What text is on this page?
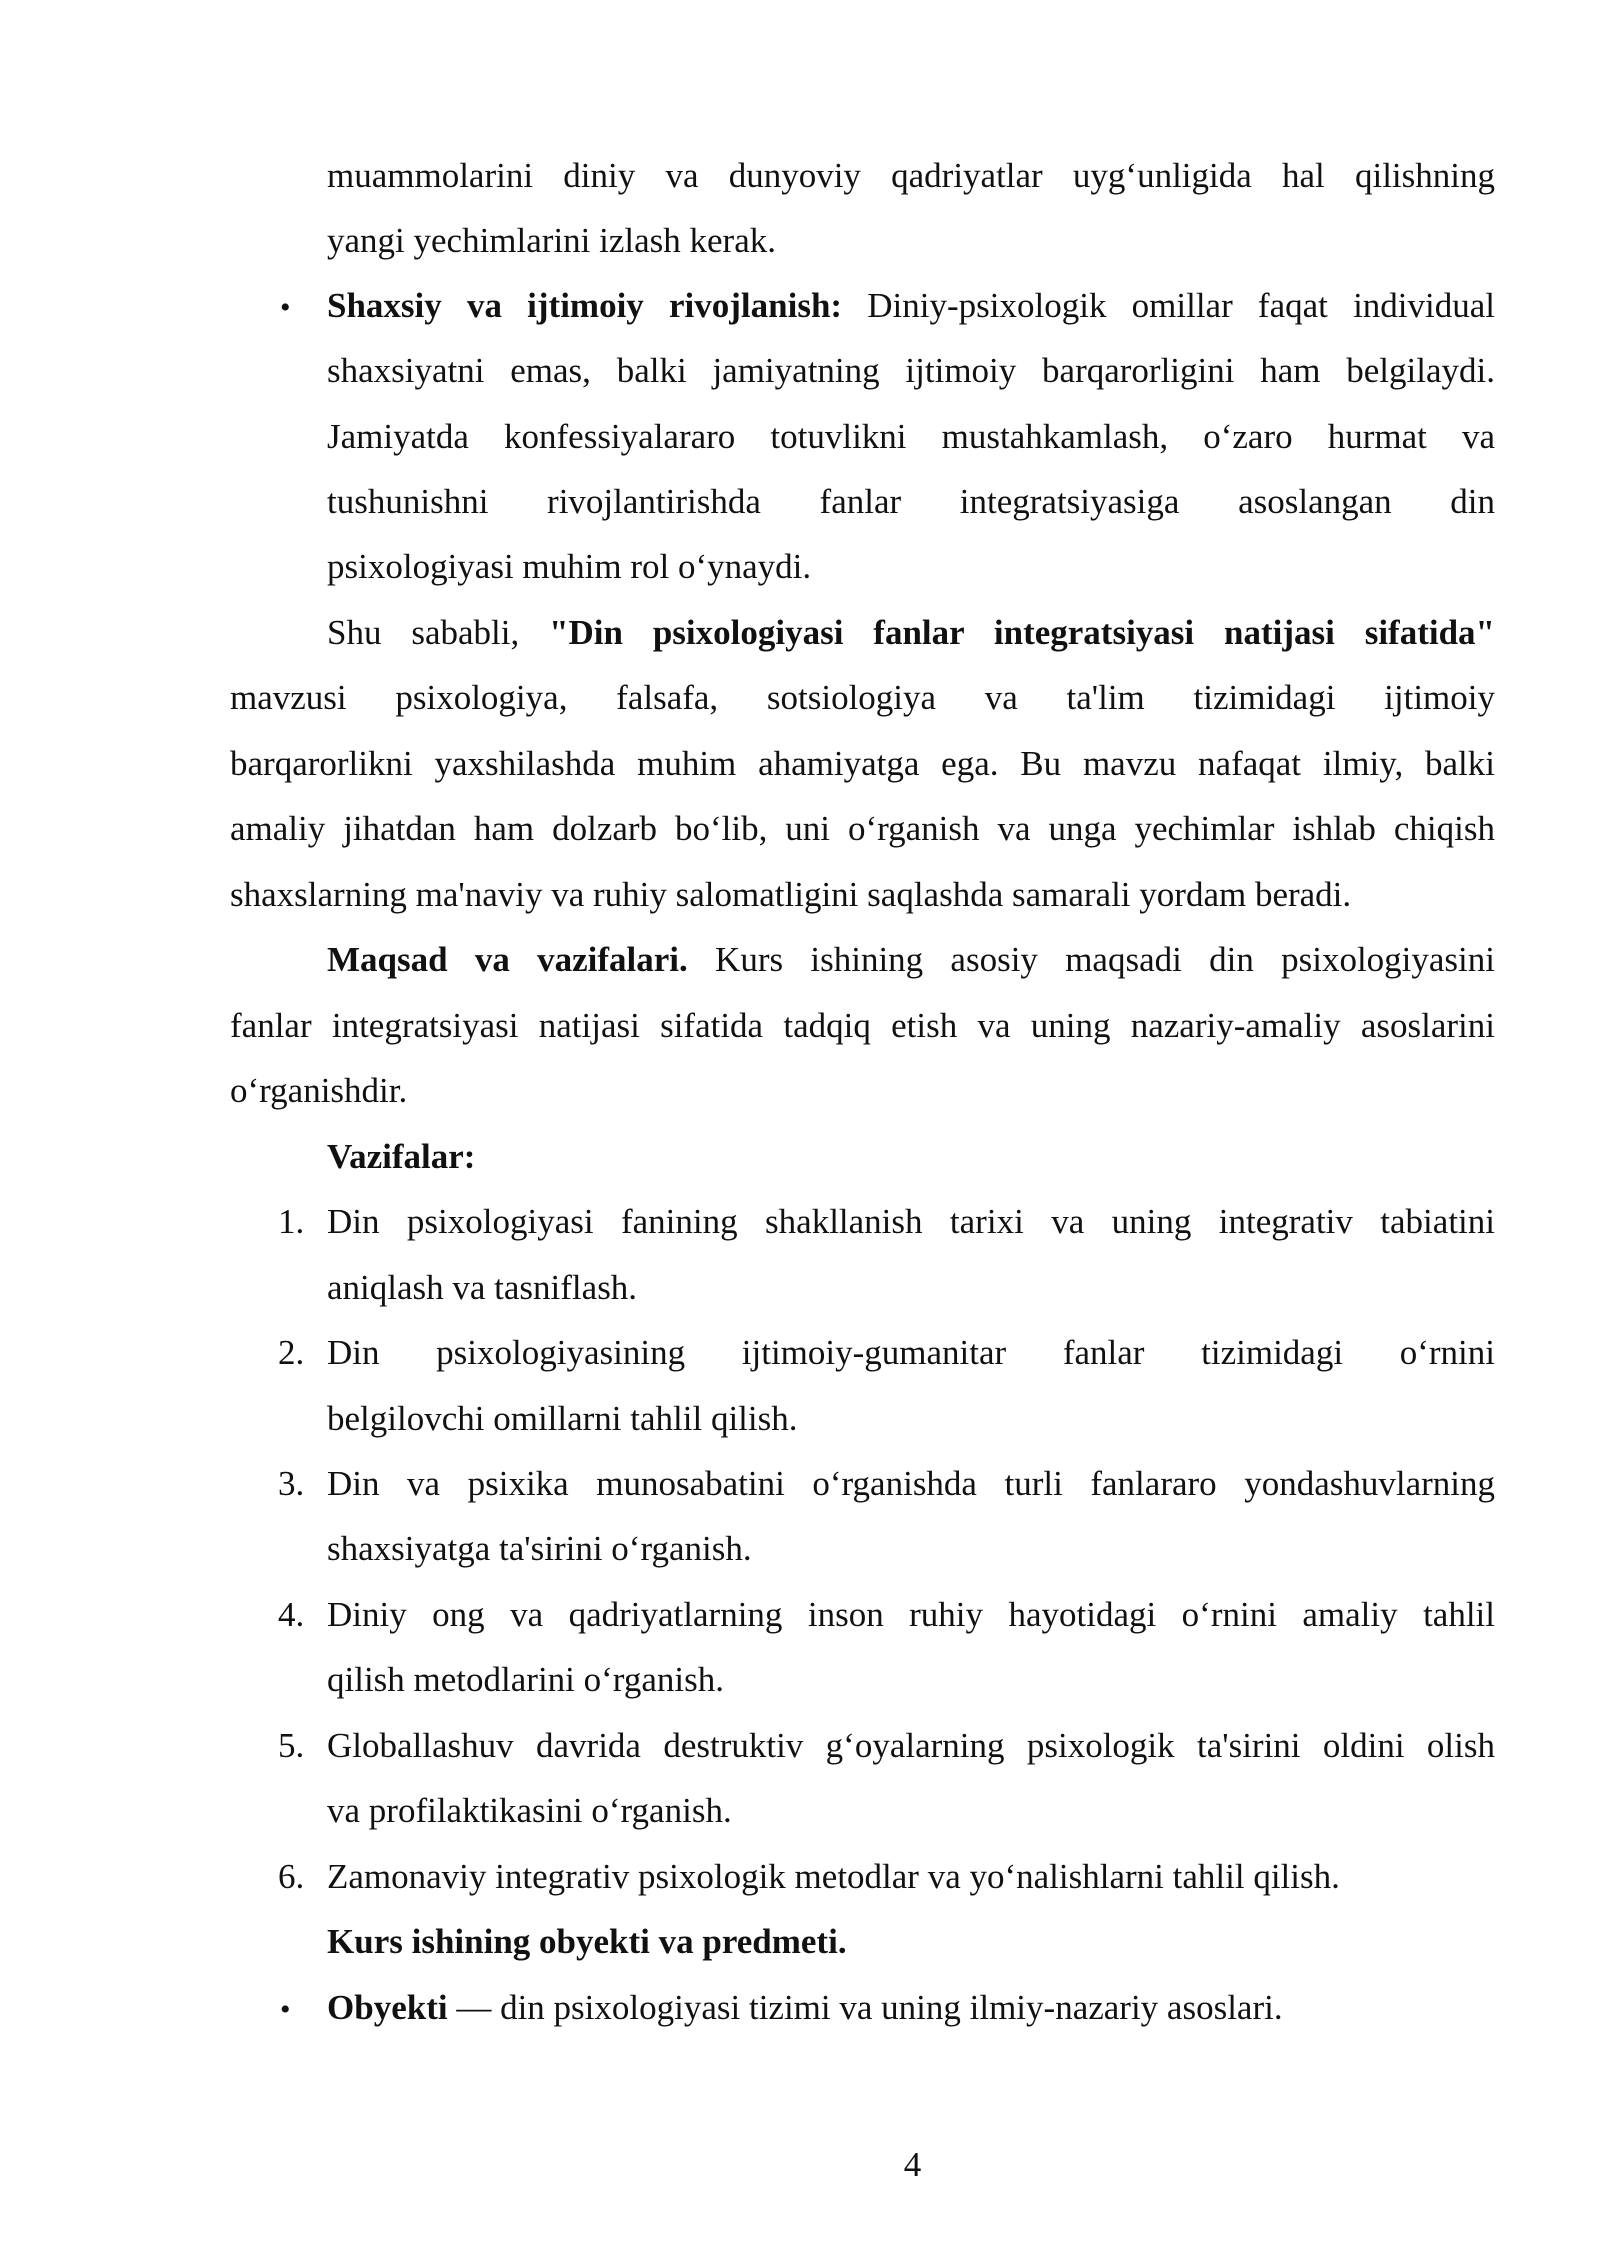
muammolarini diniy va dunyoviy qadriyatlar uyg‘unligida hal qilishning
yangi yechimlarini izlash kerak.
• Shaxsiy va ijtimoiy rivojlanish: Diniy-psixologik omillar faqat individual
shaxsiyatni emas, balki jamiyatning ijtimoiy barqarorligini ham belgilaydi.
Jamiyatda konfessiyalararo totuvlikni mustahkamlash, o‘zaro hurmat va
tushunishni rivojlantirishda fanlar integratsiyasiga asoslangan din
psixologiyasi muhim rol o‘ynaydi.
Shu sababli, "Din psixologiyasi fanlar integratsiyasi natijasi sifatida"
mavzusi psixologiya, falsafa, sotsiologiya va ta'lim tizimidagi ijtimoiy
barqarorlikni yaxshilashda muhim ahamiyatga ega. Bu mavzu nafaqat ilmiy, balki
amaliy jihatdan ham dolzarb bo‘lib, uni o‘rganish va unga yechimlar ishlab chiqish
shaxslarning ma'naviy va ruhiy salomatligini saqlashda samarali yordam beradi.
Maqsad va vazifalari. Kurs ishining asosiy maqsadi din psixologiyasini
fanlar integratsiyasi natijasi sifatida tadqiq etish va uning nazariy-amaliy asoslarini
o‘rganishdir.
Vazifalar:
1. Din psixologiyasi fanining shakllanish tarixi va uning integrativ tabiatini
aniqlash va tasniflash.
2. Din psixologiyasining ijtimoiy-gumanitar fanlar tizimidagi o‘rnini
belgilovchi omillarni tahlil qilish.
3. Din va psixika munosabatini o‘rganishda turli fanlararo yondashuvlarning
shaxsiyatga ta'sirini o‘rganish.
4. Diniy ong va qadriyatlarning inson ruhiy hayotidagi o‘rnini amaliy tahlil
qilish metodlarini o‘rganish.
5. Globallashuv davrida destruktiv g‘oyalarning psixologik ta'sirini oldini olish
va profilaktikasini o‘rganish.
6. Zamonaviy integrativ psixologik metodlar va yo‘nalishlarni tahlil qilish.
Kurs ishining obyekti va predmeti.
• Obyekti — din psixologiyasi tizimi va uning ilmiy-nazariy asoslari.
4
